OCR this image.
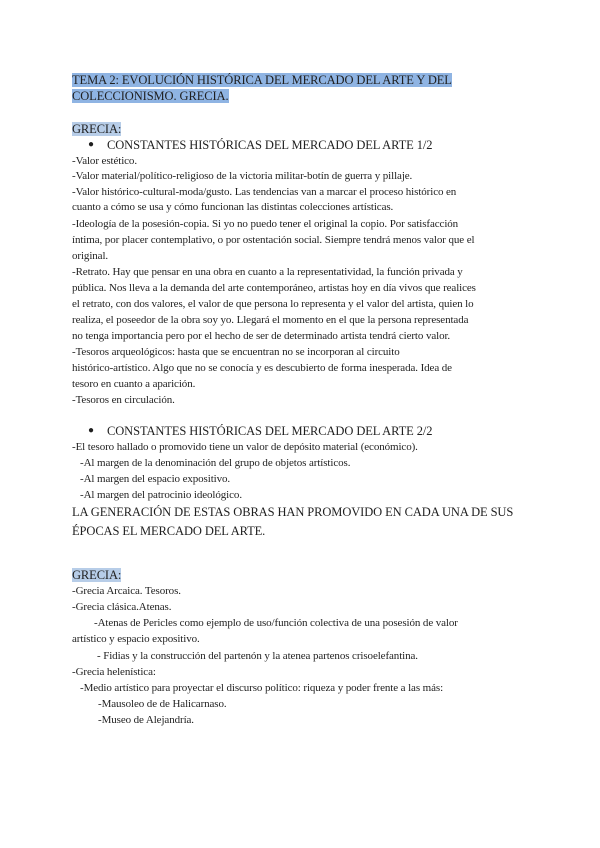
TEMA 2: EVOLUCIÓN HISTÓRICA DEL MERCADO DEL ARTE Y DEL
COLECCIONISMO. GRECIA.
GRECIA:
● CONSTANTES HISTÓRICAS DEL MERCADO DEL ARTE 1/2
-Valor estético.
-Valor material/político-religioso de la victoria militar-botín de guerra y pillaje.
-Valor histórico-cultural-moda/gusto. Las tendencias van a marcar el proceso histórico en
cuanto a cómo se usa y cómo funcionan las distintas colecciones artísticas.
-Ideología de la posesión-copia. Si yo no puedo tener el original la copio. Por satisfacción
íntima, por placer contemplativo, o por ostentación social. Siempre tendrá menos valor que el
original.
-Retrato. Hay que pensar en una obra en cuanto a la representatividad, la función privada y
pública. Nos lleva a la demanda del arte contemporáneo, artistas hoy en día vivos que realices
el retrato, con dos valores, el valor de que persona lo representa y el valor del artista, quien lo
realiza, el poseedor de la obra soy yo. Llegará el momento en el que la persona representada
no tenga importancia pero por el hecho de ser de determinado artista tendrá cierto valor.
-Tesoros arqueológicos: hasta que se encuentran no se incorporan al circuito
histórico-artístico. Algo que no se conocía y es descubierto de forma inesperada. Idea de
tesoro en cuanto a aparición.
-Tesoros en circulación.
● CONSTANTES HISTÓRICAS DEL MERCADO DEL ARTE 2/2
-El tesoro hallado o promovido tiene un valor de depósito material (económico).
-Al margen de la denominación del grupo de objetos artísticos.
-Al margen del espacio expositivo.
-Al margen del patrocinio ideológico.
LA GENERACIÓN DE ESTAS OBRAS HAN PROMOVIDO EN CADA UNA DE SUS
ÉPOCAS EL MERCADO DEL ARTE.
GRECIA:
-Grecia Arcaica. Tesoros.
-Grecia clásica.Atenas.
-Atenas de Pericles como ejemplo de uso/función colectiva de una posesión de valor
artístico y espacio expositivo.
- Fidias y la construcción del partenón y la atenea partenos crisoelefantina.
-Grecia helenística:
-Medio artístico para proyectar el discurso político: riqueza y poder frente a las más:
-Mausoleo de de Halicarnaso.
-Museo de Alejandría.
